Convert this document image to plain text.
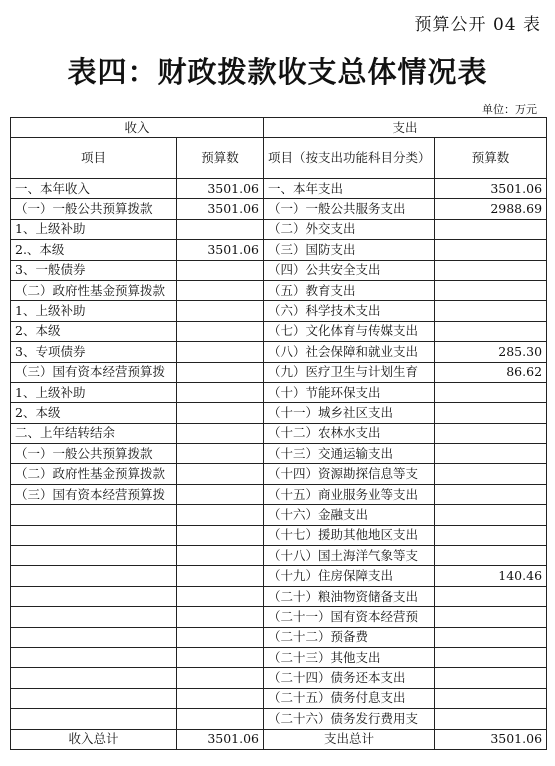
预算公开 04 表
表四：财政拨款收支总体情况表
单位：万元
收入		支出	
项目	预算数	项目（按支出功能科目分类）	预算数
一、本年收入	3501.06	一、本年支出	3501.06
（一）一般公共预算拨款	3501.06	（一）一般公共服务支出	2988.69
1、上级补助		（二）外交支出	
2.、本级	3501.06	（三）国防支出	
3、一般债券		（四）公共安全支出	
（二）政府性基金预算拨款		（五）教育支出	
1、上级补助		（六）科学技术支出	
2、本级		（七）文化体育与传媒支出	
3、专项债券		（八）社会保障和就业支出	285.30
（三）国有资本经营预算拨		（九）医疗卫生与计划生育	86.62
1、上级补助		（十）节能环保支出	
2、本级		（十一）城乡社区支出	
二、上年结转结余		（十二）农林水支出	
（一）一般公共预算拨款		（十三）交通运输支出	
（二）政府性基金预算拨款		（十四）资源勘探信息等支	
（三）国有资本经营预算拨		（十五）商业服务业等支出	
		（十六）金融支出	
		（十七）援助其他地区支出	
		（十八）国土海洋气象等支	
		（十九）住房保障支出	140.46
		（二十）粮油物资储备支出	
		（二十一）国有资本经营预	
		（二十二）预备费	
		（二十三）其他支出	
		（二十四）债务还本支出	
		（二十五）债务付息支出	
		（二十六）债务发行费用支	
收入总计	3501.06	支出总计	3501.06
